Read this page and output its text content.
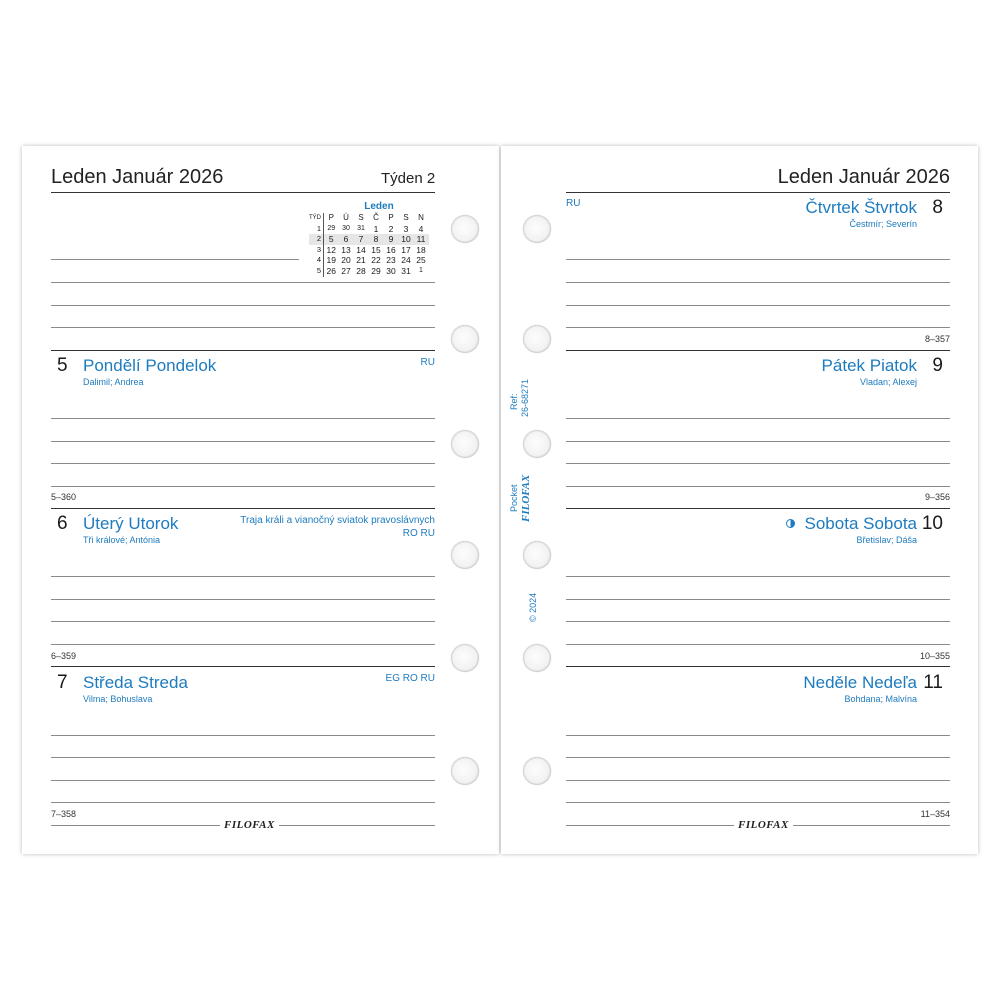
Leden Január 2026	Týden 2
Leden
TÝD	P	Ú	S	Č	P	S	N
1	29	30	31	1	2	3	4
2	5	6	7	8	9	10	11
3	12	13	14	15	16	17	18
4	19	20	21	22	23	24	25
5	26	27	28	29	30	31	1
5 Pondělí Pondelok
Dalimil; Andrea
RU
5–360
6 Úterý Utorok
Tři králové; Antónia
Traja králi a vianočný sviatok pravoslávnych
RO RU
6–359
7 Středa Streda
Vilma; Bohuslava
EG RO RU
7–358
FILOFAX
Leden Január 2026
RU	Čtvrtek Štvrtok 8
Čestmír; Severín
8–357
Pátek Piatok 9
Vladan; Alexej
9–356
Sobota Sobota 10
Břetislav; Dáša
10–355
Neděle Nedeľa 11
Bohdana; Malvína
11–354
FILOFAX
Ref: 26-68271
Pocket FILOFAX
© 2024
